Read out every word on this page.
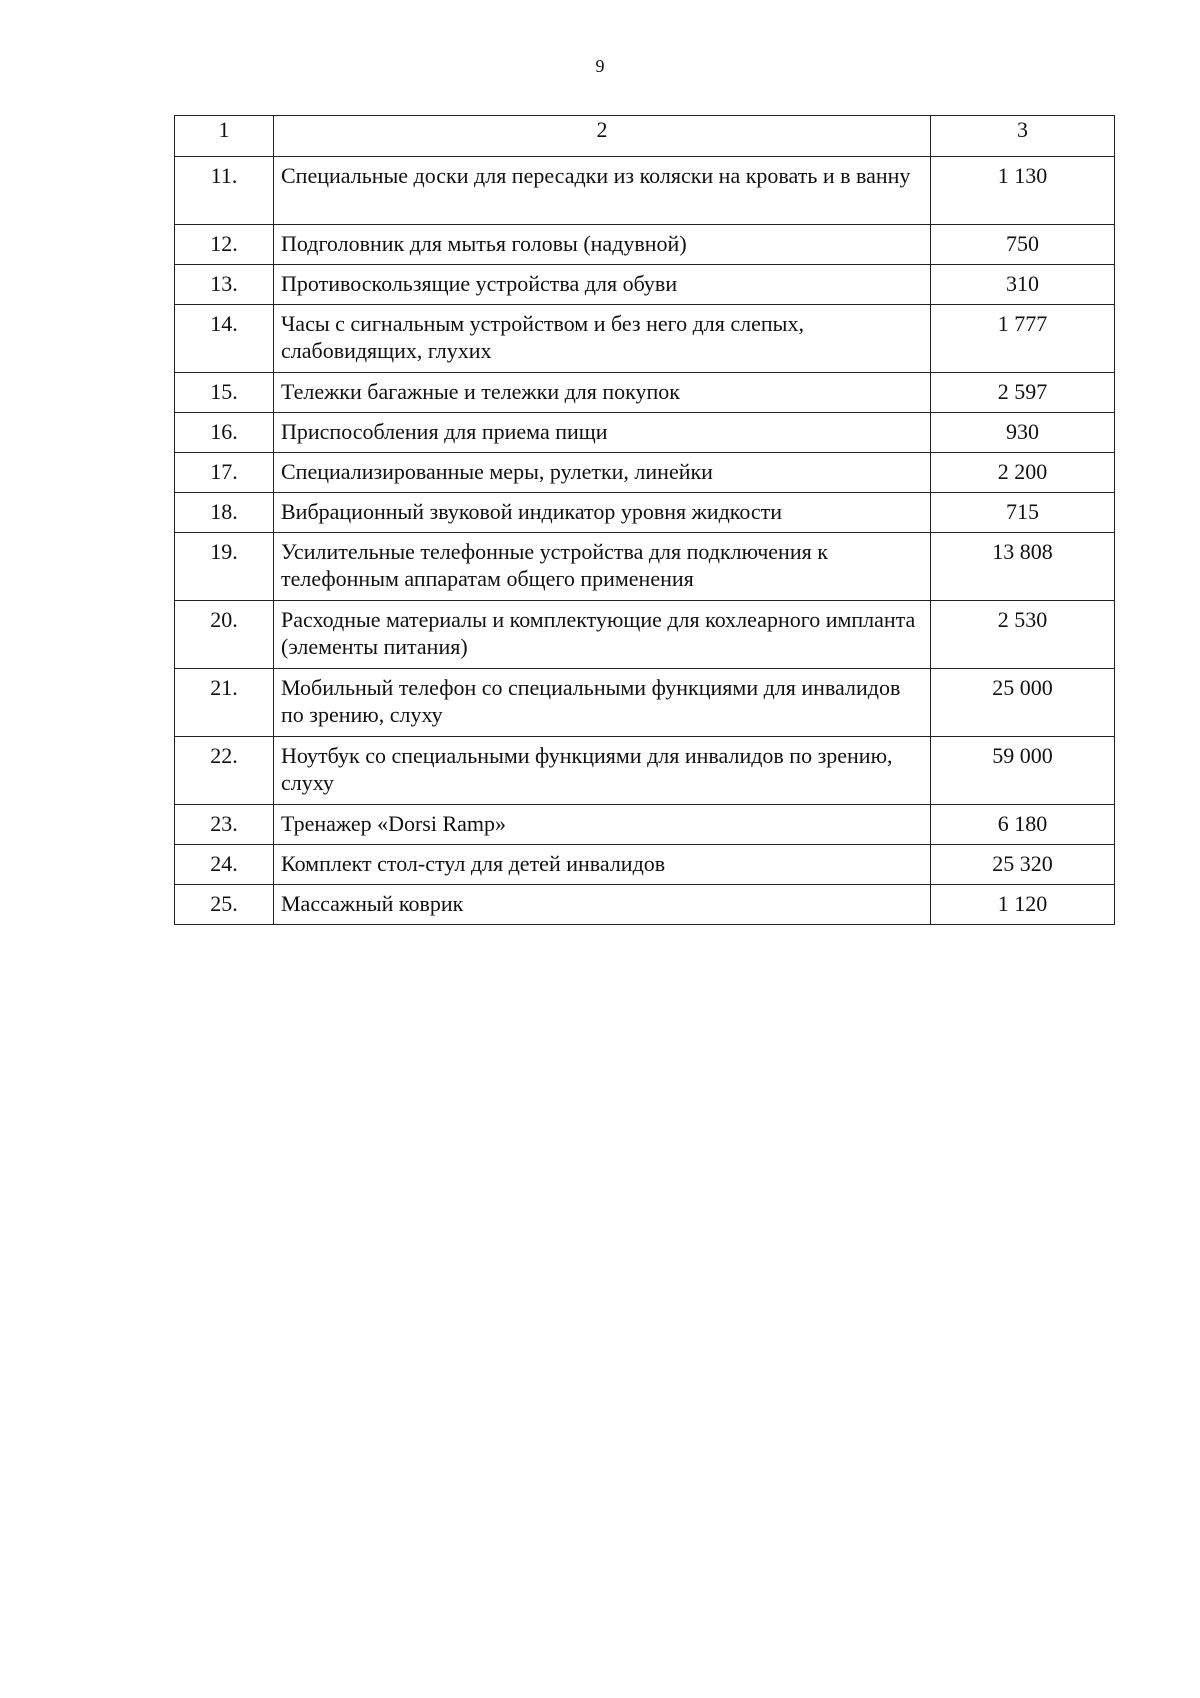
9
1	2	3
11.	Специальные доски для пересадки из коляски на кровать и в ванну	1 130
12.	Подголовник для мытья головы (надувной)	750
13.	Противоскользящие устройства для обуви	310
14.	Часы с сигнальным устройством и без него для слепых, слабовидящих, глухих	1 777
15.	Тележки багажные и тележки для покупок	2 597
16.	Приспособления для приема пищи	930
17.	Специализированные меры, рулетки, линейки	2 200
18.	Вибрационный звуковой индикатор уровня жидкости	715
19.	Усилительные телефонные устройства для подключения к телефонным аппаратам общего применения	13 808
20.	Расходные материалы и комплектующие для кохлеарного импланта (элементы питания)	2 530
21.	Мобильный телефон со специальными функциями для инвалидов по зрению, слуху	25 000
22.	Ноутбук со специальными функциями для инвалидов по зрению, слуху	59 000
23.	Тренажер «Dorsi Ramp»	6 180
24.	Комплект стол-стул для детей инвалидов	25 320
25.	Массажный коврик	1 120
